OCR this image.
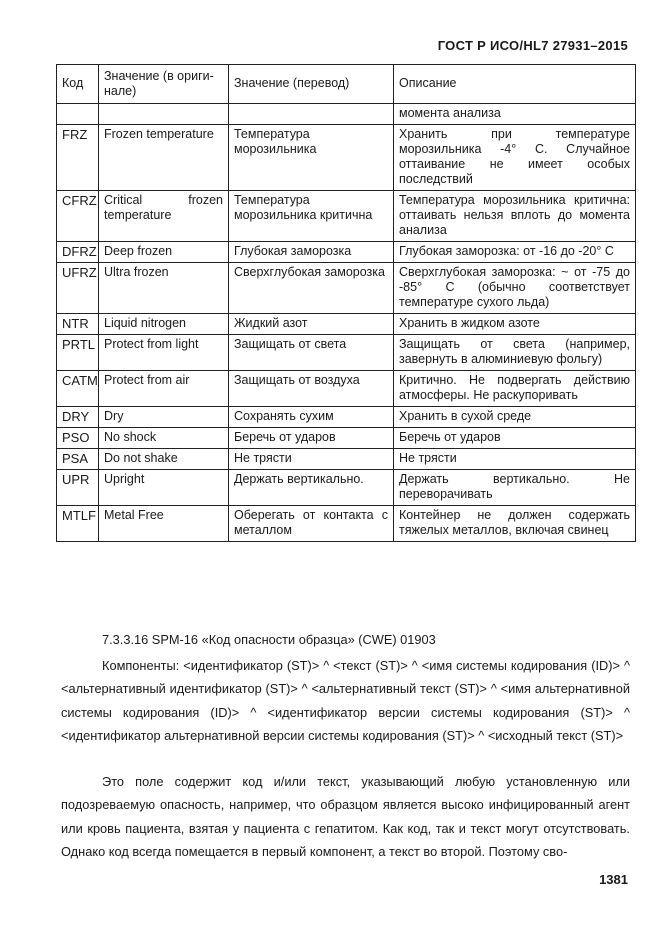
ГОСТ Р ИСО/HL7 27931–2015
Код	Значение (в ориги-нале)	Значение (перевод)	Описание
			момента анализа
FRZ	Frozen temperature	Температура морозильника	Хранить при температуре морозильника -4° С. Случайное оттаивание не имеет особых последствий
CFRZ	Critical frozen temperature	Температура морозильника критична	Температура морозильника критична: оттаивать нельзя вплоть до момента анализа
DFRZ	Deep frozen	Глубокая заморозка	Глубокая заморозка: от -16 до -20° С
UFRZ	Ultra frozen	Сверхглубокая заморозка	Сверхглубокая заморозка: ~ от -75 до -85° С (обычно соответствует температуре сухого льда)
NTR	Liquid nitrogen	Жидкий азот	Хранить в жидком азоте
PRTL	Protect from light	Защищать от света	Защищать от света (например, завернуть в алюминиевую фольгу)
CATM	Protect from air	Защищать от воздуха	Критично. Не подвергать действию атмосферы. Не раскупоривать
DRY	Dry	Сохранять сухим	Хранить в сухой среде
PSO	No shock	Беречь от ударов	Беречь от ударов
PSA	Do not shake	Не трясти	Не трясти
UPR	Upright	Держать вертикально.	Держать вертикально. Не переворачивать
MTLF	Metal Free	Оберегать от контакта с металлом	Контейнер не должен содержать тяжелых металлов, включая свинец
7.3.3.16 SPM-16 «Код опасности образца» (CWE) 01903
Компоненты: <идентификатор (ST)> ^ <текст (ST)> ^ <имя системы кодирования (ID)> ^ <альтернативный идентификатор (ST)> ^ <альтернативный текст (ST)> ^ <имя альтернативной системы кодирования (ID)> ^ <идентификатор версии системы кодирования (ST)> ^ <идентификатор альтернативной версии системы кодирования (ST)> ^ <исходный текст (ST)>
Это поле содержит код и/или текст, указывающий любую установленную или подозреваемую опасность, например, что образцом является высоко инфицированный агент или кровь пациента, взятая у пациента с гепатитом. Как код, так и текст могут отсутствовать. Однако код всегда помещается в первый компонент, а текст во второй. Поэтому сво-
1381
